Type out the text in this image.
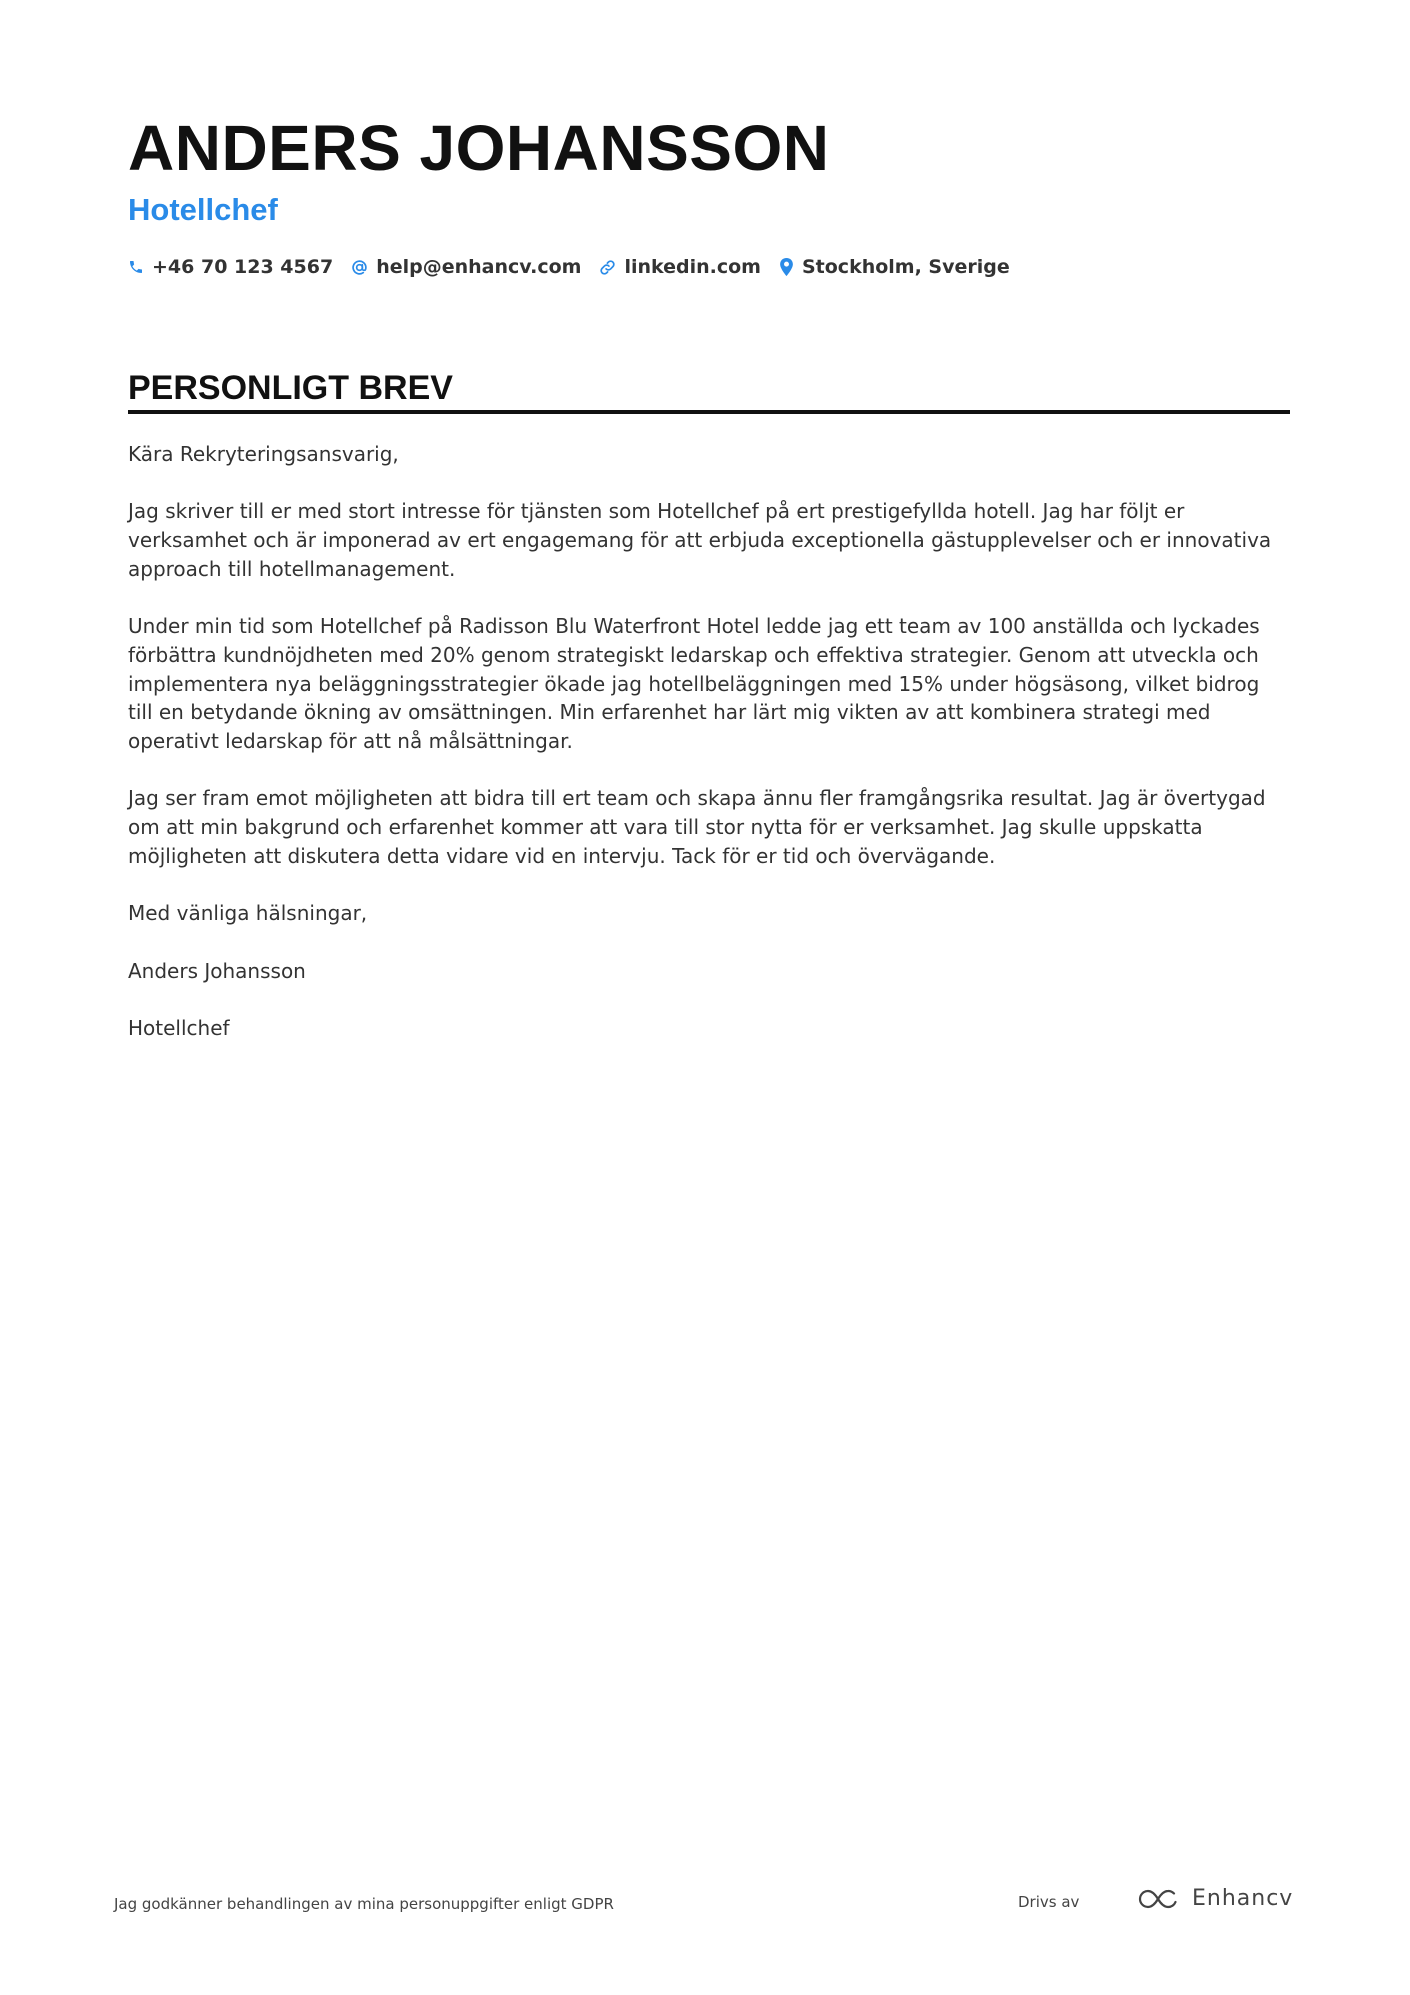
ANDERS JOHANSSON
Hotellchef
+46 70 123 4567 help@enhancv.com linkedin.com Stockholm, Sverige
PERSONLIGT BREV

Kära Rekryteringsansvarig,

Jag skriver till er med stort intresse för tjänsten som Hotellchef på ert prestigefyllda hotell. Jag har följt er verksamhet och är imponerad av ert engagemang för att erbjuda exceptionella gästupplevelser och er innovativa approach till hotellmanagement.

Under min tid som Hotellchef på Radisson Blu Waterfront Hotel ledde jag ett team av 100 anställda och lyckades förbättra kundnöjdheten med 20% genom strategiskt ledarskap och effektiva strategier. Genom att utveckla och implementera nya beläggningsstrategier ökade jag hotellbeläggningen med 15% under högsäsong, vilket bidrog till en betydande ökning av omsättningen. Min erfarenhet har lärt mig vikten av att kombinera strategi med operativt ledarskap för att nå målsättningar.

Jag ser fram emot möjligheten att bidra till ert team och skapa ännu fler framgångsrika resultat. Jag är övertygad om att min bakgrund och erfarenhet kommer att vara till stor nytta för er verksamhet. Jag skulle uppskatta möjligheten att diskutera detta vidare vid en intervju. Tack för er tid och övervägande.

Med vänliga hälsningar,

Anders Johansson

Hotellchef

Jag godkänner behandlingen av mina personuppgifter enligt GDPR	Drivs av	Enhancv
